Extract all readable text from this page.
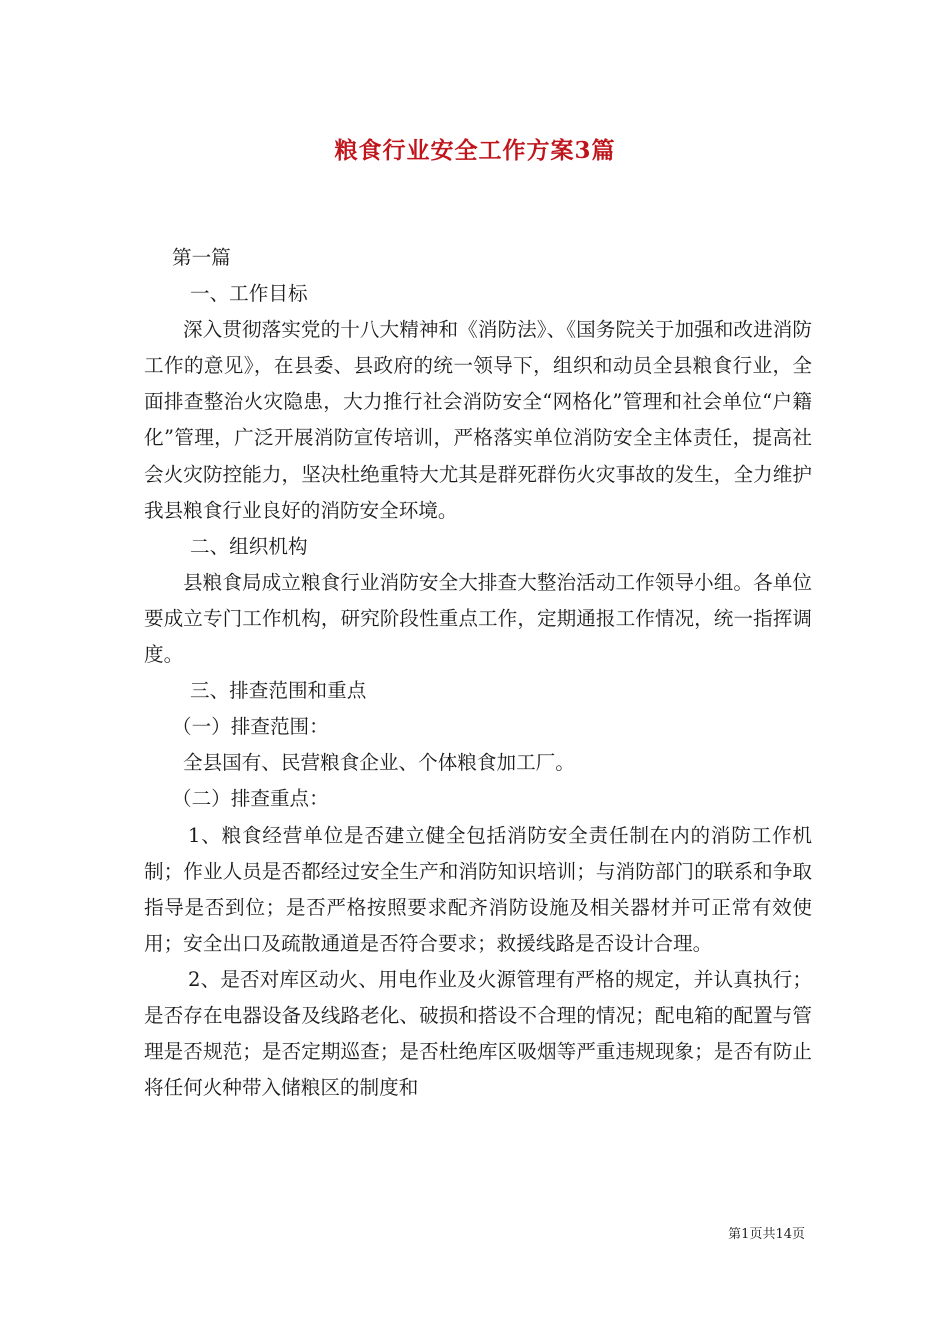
粮食行业安全工作方案3篇

第一篇

一、工作目标

深入贯彻落实党的十八大精神和《消防法》、《国务院关于加强和改进消防工作的意见》，在县委、县政府的统一领导下，组织和动员全县粮食行业，全面排查整治火灾隐患，大力推行社会消防安全“网格化”管理和社会单位“户籍化”管理，广泛开展消防宣传培训，严格落实单位消防安全主体责任，提高社会火灾防控能力，坚决杜绝重特大尤其是群死群伤火灾事故的发生，全力维护我县粮食行业良好的消防安全环境。

二、组织机构

县粮食局成立粮食行业消防安全大排查大整治活动工作领导小组。各单位要成立专门工作机构，研究阶段性重点工作，定期通报工作情况，统一指挥调度。

三、排查范围和重点

（一）排查范围：

全县国有、民营粮食企业、个体粮食加工厂。

（二）排查重点：

1、粮食经营单位是否建立健全包括消防安全责任制在内的消防工作机制；作业人员是否都经过安全生产和消防知识培训；与消防部门的联系和争取指导是否到位；是否严格按照要求配齐消防设施及相关器材并可正常有效使用；安全出口及疏散通道是否符合要求；救援线路是否设计合理。

2、是否对库区动火、用电作业及火源管理有严格的规定，并认真执行；是否存在电器设备及线路老化、破损和搭设不合理的情况；配电箱的配置与管理是否规范；是否定期巡查；是否杜绝库区吸烟等严重违规现象；是否有防止将任何火种带入储粮区的制度和

第1页共14页
